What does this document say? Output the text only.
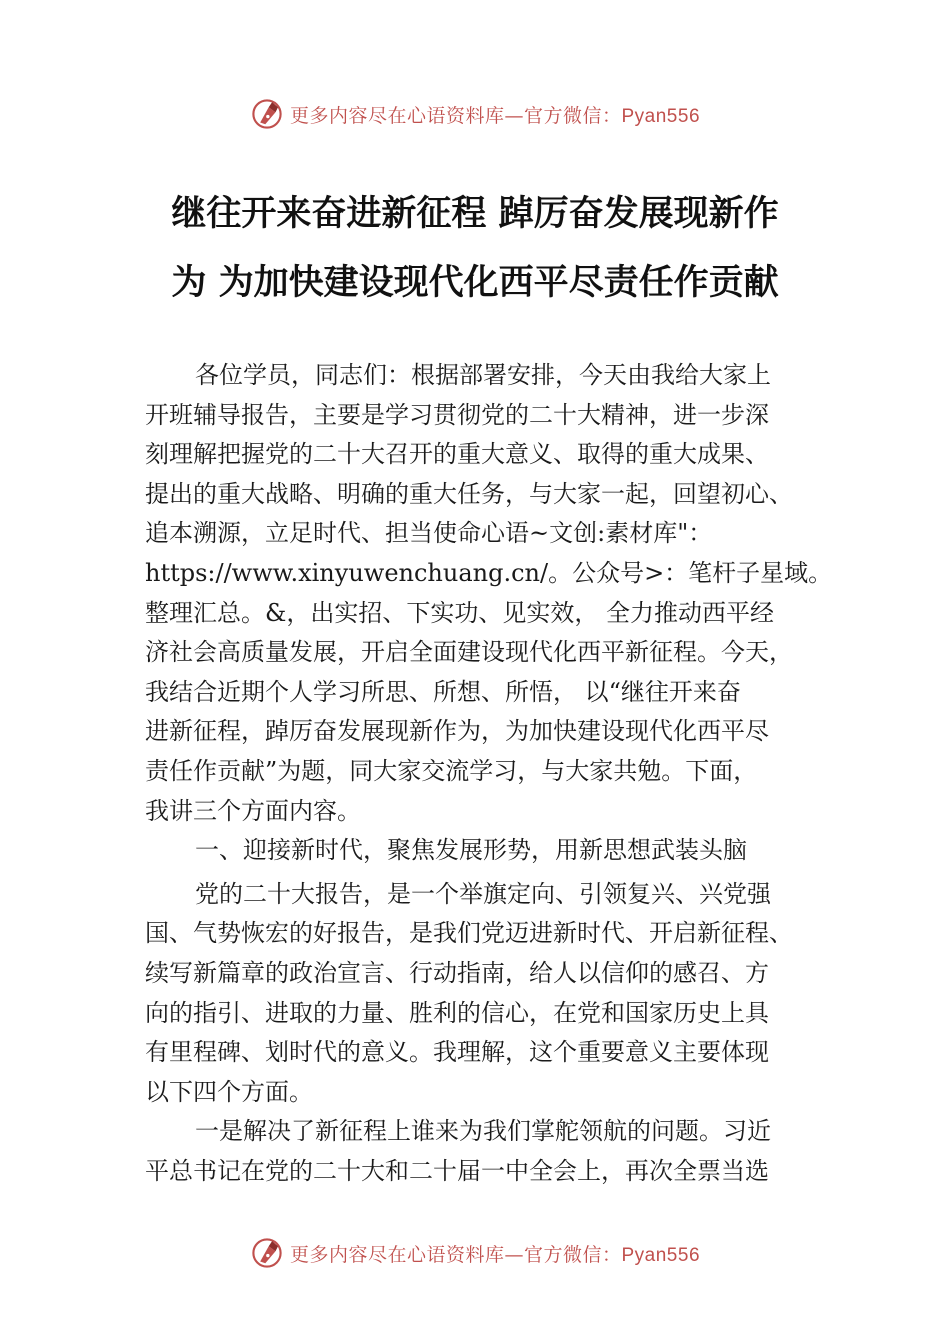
更多内容尽在心语资料库—官方微信：Pyan556
继往开来奋进新征程 踔厉奋发展现新作
为 为加快建设现代化西平尽责任作贡献
各位学员，同志们：根据部署安排，今天由我给大家上
开班辅导报告，主要是学习贯彻党的二十大精神，进一步深
刻理解把握党的二十大召开的重大意义、取得的重大成果、
提出的重大战略、明确的重大任务，与大家一起，回望初心、
追本溯源，立足时代、担当使命心语~文创:素材库"：
https://www.xinyuwenchuang.cn/。公众号>：笔杆子星域。
整理汇总。&，出实招、下实功、见实效， 全力推动西平经
济社会高质量发展，开启全面建设现代化西平新征程。今天，
我结合近期个人学习所思、所想、所悟， 以“继往开来奋
进新征程，踔厉奋发展现新作为，为加快建设现代化西平尽
责任作贡献”为题，同大家交流学习，与大家共勉。下面，
我讲三个方面内容。
一、迎接新时代，聚焦发展形势，用新思想武装头脑
党的二十大报告，是一个举旗定向、引领复兴、兴党强
国、气势恢宏的好报告，是我们党迈进新时代、开启新征程、
续写新篇章的政治宣言、行动指南，给人以信仰的感召、方
向的指引、进取的力量、胜利的信心，在党和国家历史上具
有里程碑、划时代的意义。我理解，这个重要意义主要体现
以下四个方面。
一是解决了新征程上谁来为我们掌舵领航的问题。习近
平总书记在党的二十大和二十届一中全会上，再次全票当选
更多内容尽在心语资料库—官方微信：Pyan556
